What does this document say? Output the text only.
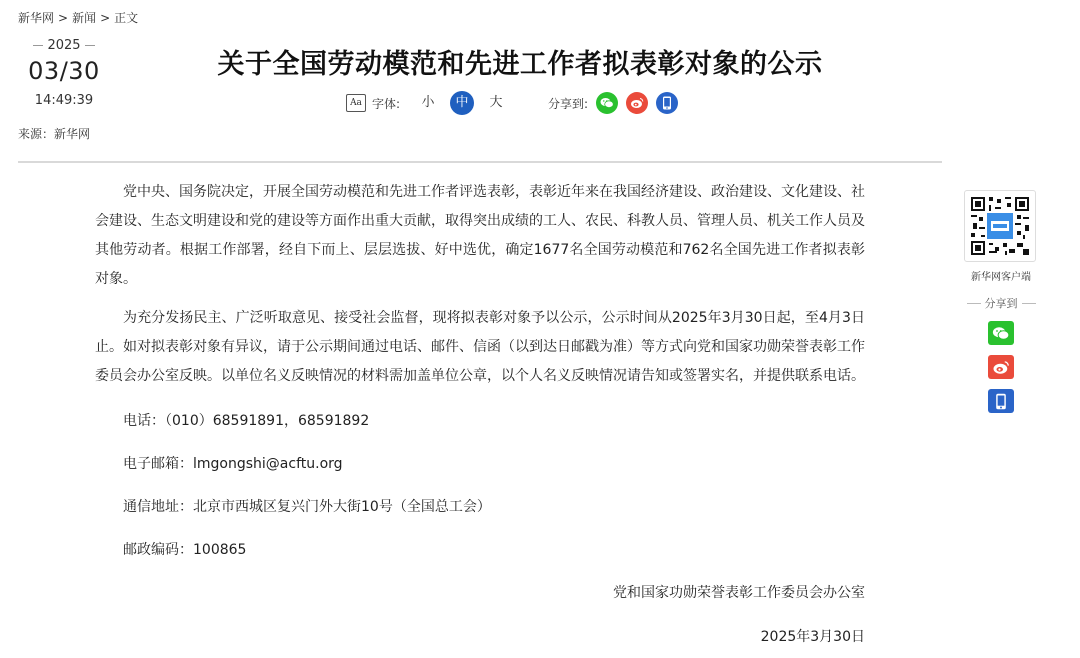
新华网 > 新闻 > 正文
2025
03/30
14:49:39
来源：新华网
关于全国劳动模范和先进工作者拟表彰对象的公示
Aa 字体:	小	中	大	分享到:

党中央、国务院决定，开展全国劳动模范和先进工作者评选表彰，表彰近年来在我国经济建设、政治建设、文化建设、社会建设、生态文明建设和党的建设等方面作出重大贡献，取得突出成绩的工人、农民、科教人员、管理人员、机关工作人员及其他劳动者。根据工作部署，经自下而上、层层选拔、好中选优，确定1677名全国劳动模范和762名全国先进工作者拟表彰对象。

为充分发扬民主、广泛听取意见、接受社会监督，现将拟表彰对象予以公示，公示时间从2025年3月30日起，至4月3日止。如对拟表彰对象有异议，请于公示期间通过电话、邮件、信函（以到达日邮戳为准）等方式向党和国家功勋荣誉表彰工作委员会办公室反映。以单位名义反映情况的材料需加盖单位公章，以个人名义反映情况请告知或签署实名，并提供联系电话。

电话：（010）68591891，68591892
电子邮箱：lmgongshi@acftu.org
通信地址：北京市西城区复兴门外大街10号（全国总工会）
邮政编码：100865
党和国家功勋荣誉表彰工作委员会办公室
2025年3月30日
新华网客户端
分享到
